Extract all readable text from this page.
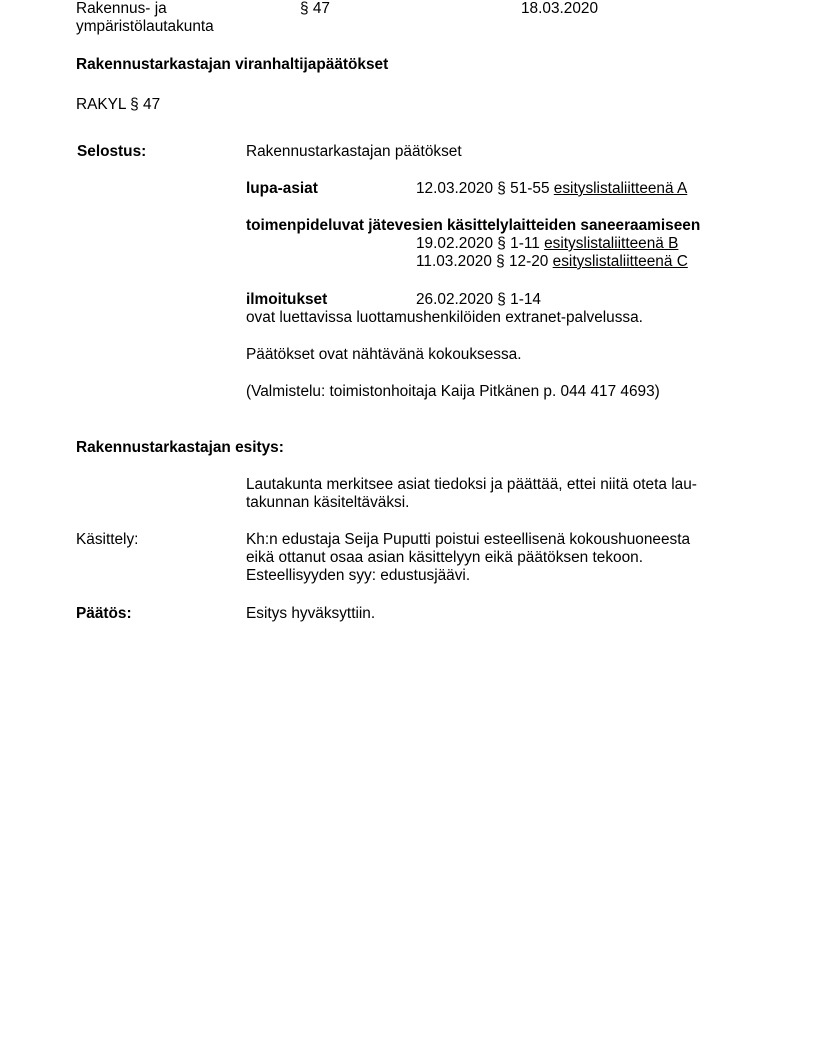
Rakennus- ja
ympäristölautakunta
§ 47	18.03.2020
Rakennustarkastajan viranhaltijapäätökset
RAKYL § 47
Selostus:	Rakennustarkastajan päätökset
lupa-asiat	12.03.2020 § 51-55 esityslistaliitteenä A
toimenpideluvat jätevesien käsittelylaitteiden saneeraamiseen
19.02.2020 § 1-11 esityslistaliitteenä B
11.03.2020 § 12-20 esityslistaliitteenä C
ilmoitukset	26.02.2020 § 1-14
ovat luettavissa luottamushenkilöiden extranet-palvelussa.
Päätökset ovat nähtävänä kokouksessa.
(Valmistelu: toimistonhoitaja Kaija Pitkänen p. 044 417 4693)
Rakennustarkastajan esitys:
Lautakunta merkitsee asiat tiedoksi ja päättää, ettei niitä oteta lau-
takunnan käsiteltäväksi.
Käsittely:	Kh:n edustaja Seija Puputti poistui esteellisenä kokoushuoneesta
eikä ottanut osaa asian käsittelyyn eikä päätöksen tekoon.
Esteellisyyden syy: edustusjäävi.
Päätös:	Esitys hyväksyttiin.
